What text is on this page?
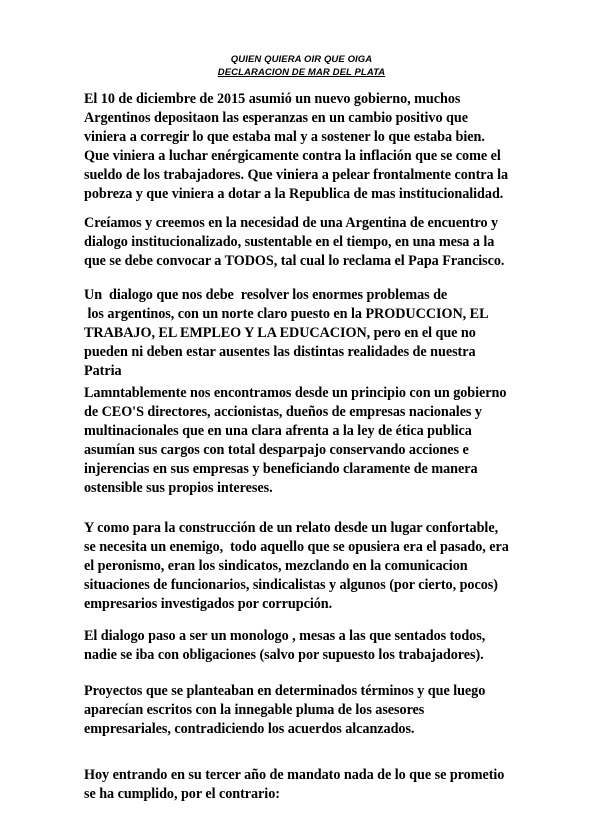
QUIEN QUIERA OIR QUE OIGA
DECLARACION DE MAR DEL PLATA

El 10 de diciembre de 2015 asumió un nuevo gobierno, muchos
Argentinos depositaon las esperanzas en un cambio positivo que
viniera a corregir lo que estaba mal y a sostener lo que estaba bien.
Que viniera a luchar enérgicamente contra la inflación que se come el
sueldo de los trabajadores. Que viniera a pelear frontalmente contra la
pobreza y que viniera a dotar a la Republica de mas institucionalidad.

Creíamos y creemos en la necesidad de una Argentina de encuentro y
dialogo institucionalizado, sustentable en el tiempo, en una mesa a la
que se debe convocar a TODOS, tal cual lo reclama el Papa Francisco.

Un  dialogo que nos debe  resolver los enormes problemas de
los argentinos, con un norte claro puesto en la PRODUCCION, EL
TRABAJO, EL EMPLEO Y LA EDUCACION, pero en el que no
pueden ni deben estar ausentes las distintas realidades de nuestra
Patria

Lamntablemente nos encontramos desde un principio con un gobierno
de CEO'S directores, accionistas, dueños de empresas nacionales y
multinacionales que en una clara afrenta a la ley de ética publica
asumían sus cargos con total desparpajo conservando acciones e
injerencias en sus empresas y beneficiando claramente de manera
ostensible sus propios intereses.

Y como para la construcción de un relato desde un lugar confortable,
se necesita un enemigo,  todo aquello que se opusiera era el pasado, era
el peronismo, eran los sindicatos, mezclando en la comunicacion
situaciones de funcionarios, sindicalistas y algunos (por cierto, pocos)
empresarios investigados por corrupción.

El dialogo paso a ser un monologo , mesas a las que sentados todos,
nadie se iba con obligaciones (salvo por supuesto los trabajadores).

Proyectos que se planteaban en determinados términos y que luego
aparecían escritos con la innegable pluma de los asesores
empresariales, contradiciendo los acuerdos alcanzados.

Hoy entrando en su tercer año de mandato nada de lo que se prometio
se ha cumplido, por el contrario:
